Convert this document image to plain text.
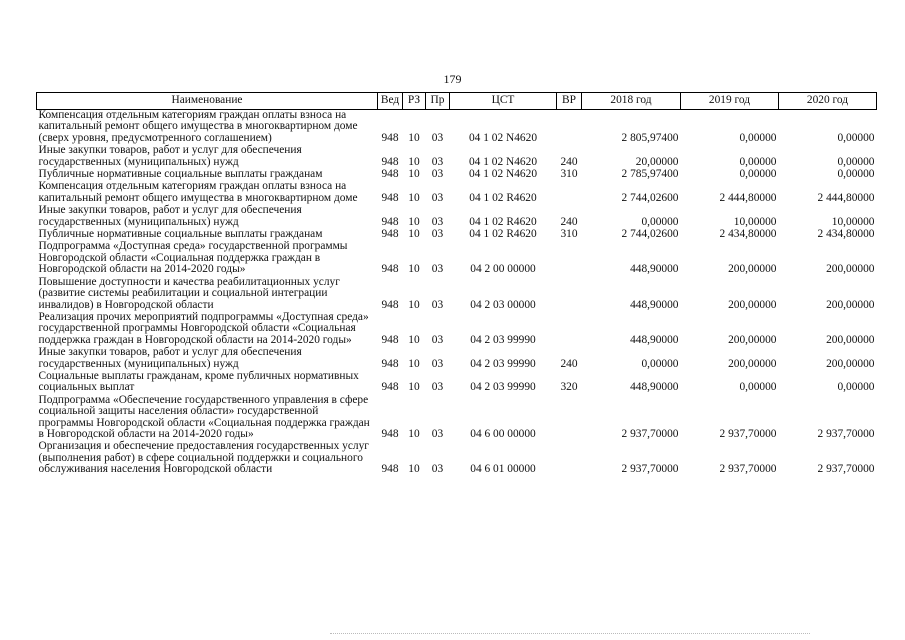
179
Наименование	Вед	РЗ	Пр	ЦСТ	ВР	2018 год	2019 год	2020 год
Компенсация отдельным категориям граждан оплаты взноса на капитальный ремонт общего имущества в многоквартирном доме (сверх уровня, предусмотренного соглашением)	948	10	03	04 1 02 N4620		2 805,97400	0,00000	0,00000
Иные закупки товаров, работ и услуг для обеспечения государственных (муниципальных) нужд	948	10	03	04 1 02 N4620	240	20,00000	0,00000	0,00000
Публичные нормативные социальные выплаты гражданам	948	10	03	04 1 02 N4620	310	2 785,97400	0,00000	0,00000
Компенсация отдельным категориям граждан оплаты взноса на капитальный ремонт общего имущества в многоквартирном доме	948	10	03	04 1 02 R4620		2 744,02600	2 444,80000	2 444,80000
Иные закупки товаров, работ и услуг для обеспечения государственных (муниципальных) нужд	948	10	03	04 1 02 R4620	240	0,00000	10,00000	10,00000
Публичные нормативные социальные выплаты гражданам	948	10	03	04 1 02 R4620	310	2 744,02600	2 434,80000	2 434,80000
Подпрограмма «Доступная среда» государственной программы Новгородской области «Социальная поддержка граждан в Новгородской области на 2014-2020 годы»	948	10	03	04 2 00 00000		448,90000	200,00000	200,00000
Повышение доступности и качества реабилитационных услуг (развитие системы реабилитации и социальной интеграции инвалидов) в Новгородской области	948	10	03	04 2 03 00000		448,90000	200,00000	200,00000
Реализация прочих мероприятий подпрограммы «Доступная среда» государственной программы Новгородской области «Социальная поддержка граждан в Новгородской области на 2014-2020 годы»	948	10	03	04 2 03 99990		448,90000	200,00000	200,00000
Иные закупки товаров, работ и услуг для обеспечения государственных (муниципальных) нужд	948	10	03	04 2 03 99990	240	0,00000	200,00000	200,00000
Социальные выплаты гражданам, кроме публичных нормативных социальных выплат	948	10	03	04 2 03 99990	320	448,90000	0,00000	0,00000
Подпрограмма «Обеспечение государственного управления в сфере социальной защиты населения области» государственной программы Новгородской области «Социальная поддержка граждан в Новгородской области на 2014-2020 годы»	948	10	03	04 6 00 00000		2 937,70000	2 937,70000	2 937,70000
Организация и обеспечение предоставления государственных услуг (выполнения работ) в сфере социальной поддержки и социального обслуживания населения Новгородской области	948	10	03	04 6 01 00000		2 937,70000	2 937,70000	2 937,70000
